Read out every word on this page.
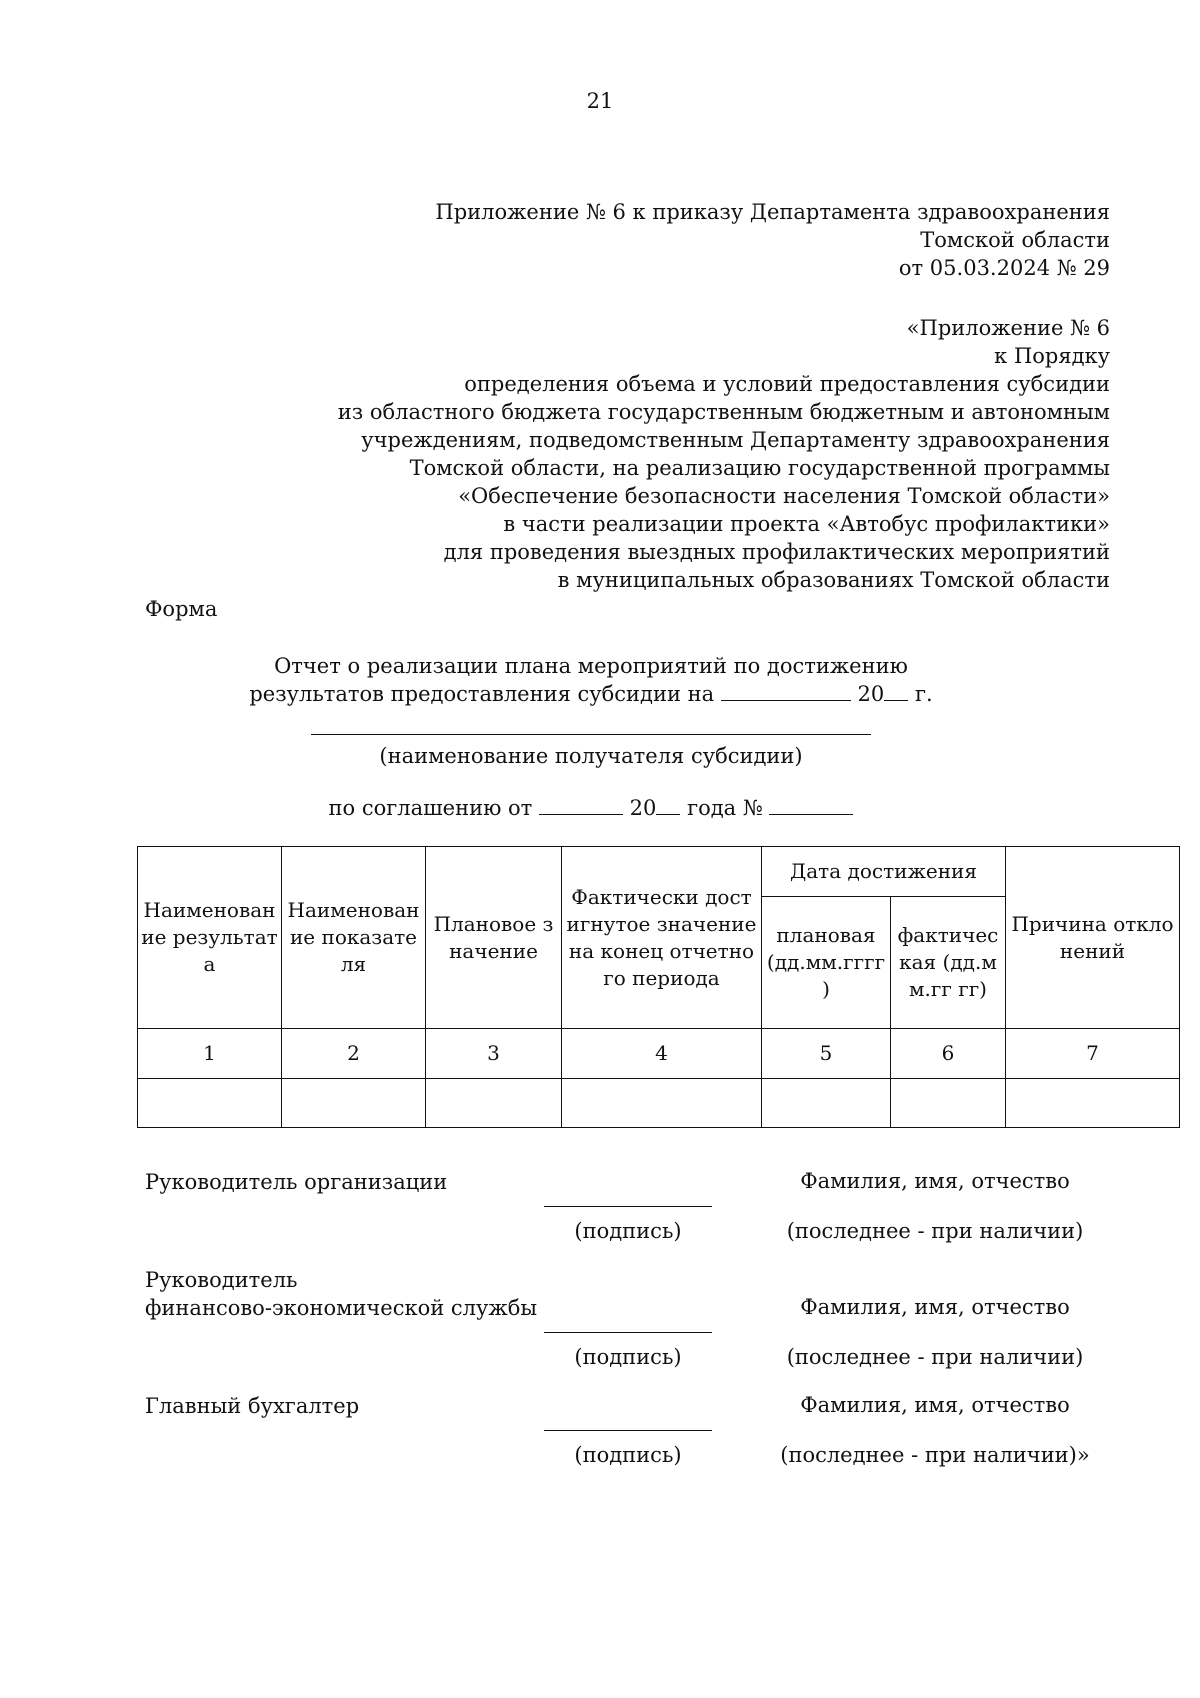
21
Приложение № 6 к приказу Департамента здравоохранения
Томской области
от 05.03.2024 № 29
«Приложение № 6
к Порядку
определения объема и условий предоставления субсидии
из областного бюджета государственным бюджетным и автономным
учреждениям, подведомственным Департаменту здравоохранения
Томской области, на реализацию государственной программы
«Обеспечение безопасности населения Томской области»
в части реализации проекта «Автобус профилактики»
для проведения выездных профилактических мероприятий
в муниципальных образованиях Томской области
Форма
Отчет о реализации плана мероприятий по достижению
результатов предоставления субсидии на	20 г.
(наименование получателя субсидии)
по соглашению от	20 года №
Наименован ие результата	Наименован ие показателя	Плановое значение	Фактически достигнутое значение на конец отчетного периода	Дата достижения		Причина отклонений
				плановая (дд.мм.гггг )	фактичес кая (дд.мм.гг гг)	
1	2	3	4	5	6	7

Руководитель организации
(подпись)
Фамилия, имя, отчество
(последнее - при наличии)
Руководитель
финансово-экономической службы
(подпись)
Фамилия, имя, отчество
(последнее - при наличии)
Главный бухгалтер
(подпись)
Фамилия, имя, отчество
(последнее - при наличии)»
